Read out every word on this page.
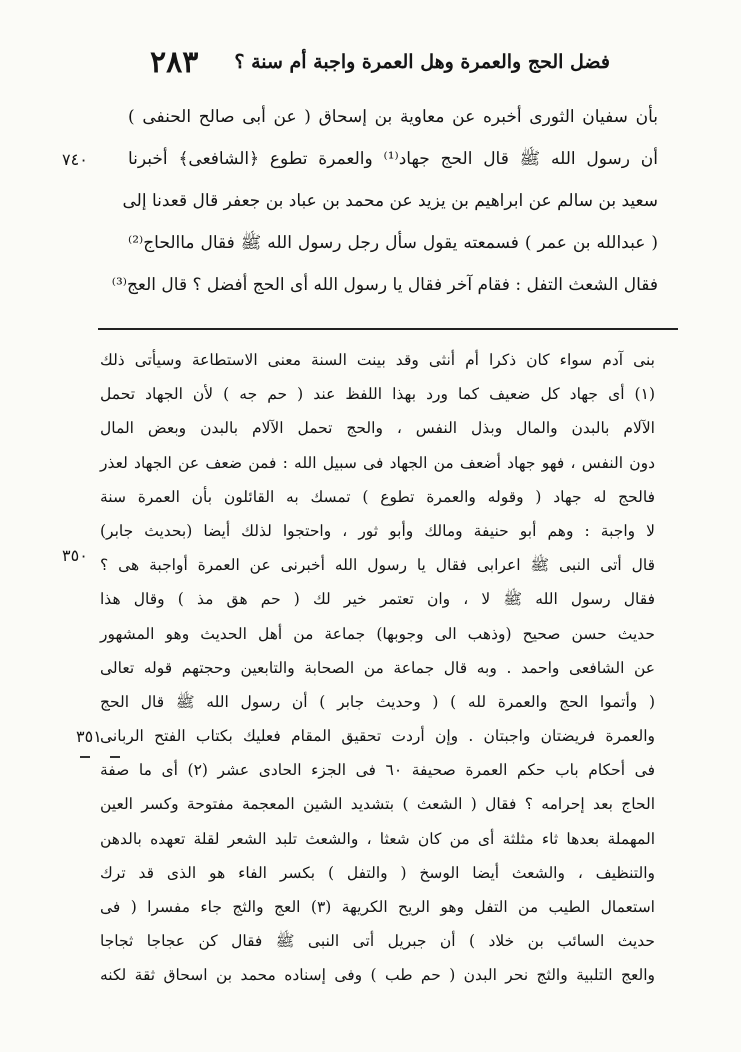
فضل الحج والعمرة وهل العمرة واجبة أم سنة ؟
٢٨٣
بأن سفيان الثورى أخبره عن معاوية بن إسحاق ( عن أبى صالح الحنفى )
أن رسول الله ﷺ قال الحج جهاد⁽¹⁾ والعمرة تطوع ﴿الشافعى﴾ أخبرنا
سعيد بن سالم عن ابراهيم بن يزيد عن محمد بن عباد بن جعفر قال قعدنا إلى
( عبدالله بن عمر ) فسمعته يقول سأل رجل رسول الله ﷺ فقال ماالحاج⁽²⁾
فقال الشعث التفل : فقام آخر فقال يا رسول الله أى الحج أفضل ؟ قال العج⁽³⁾
٧٤٠
بنى آدم سواء كان ذكرا أم أنثى وقد بينت السنة معنى الاستطاعة وسيأتى ذلك
(١) أى جهاد كل ضعيف كما ورد بهذا اللفظ عند ( حم جه ) لأن الجهاد تحمل
الآلام بالبدن والمال وبذل النفس ، والحج تحمل الآلام بالبدن وبعض المال
دون النفس ، فهو جهاد أضعف من الجهاد فى سبيل الله : فمن ضعف عن الجهاد لعذر
فالحج له جهاد ( وقوله والعمرة تطوع ) تمسك به القائلون بأن العمرة سنة
لا واجبة : وهم أبو حنيفة ومالك وأبو ثور ، واحتجوا لذلك أيضا (بحديث جابر)
قال أتى النبى ﷺ اعرابى فقال يا رسول الله أخبرنى عن العمرة أواجبة هى ؟
فقال رسول الله ﷺ لا ، وان تعتمر خير لك ( حم هق مذ ) وقال هذا
حديث حسن صحيح (وذهب الى وجوبها) جماعة من أهل الحديث وهو المشهور
عن الشافعى واحمد . وبه قال جماعة من الصحابة والتابعين وحجتهم قوله تعالى
( وأتموا الحج والعمرة لله ) ( وحديث جابر ) أن رسول الله ﷺ قال الحج
والعمرة فريضتان واجبتان . وإن أردت تحقيق المقام فعليك بكتاب الفتح الربانى
فى أحكام باب حكم العمرة صحيفة ٦٠ فى الجزء الحادى عشر (٢) أى ما صفة
الحاج بعد إحرامه ؟ فقال ( الشعث ) بتشديد الشين المعجمة مفتوحة وكسر العين
المهملة بعدها ثاء مثلثة أى من كان شعثا ، والشعث تلبد الشعر لقلة تعهده بالدهن
والتنظيف ، والشعث أيضا الوسخ ( والتفل ) بكسر الفاء هو الذى قد ترك
استعمال الطيب من التفل وهو الريح الكريهة (٣) العج والثج جاء مفسرا ( فى
حديث السائب بن خلاد ) أن جبريل أتى النبى ﷺ فقال كن عجاجا ثجاجا
والعج التلبية والثج نحر البدن ( حم طب ) وفى إسناده محمد بن اسحاق ثقة لكنه
٣٥٠
٣٥١
